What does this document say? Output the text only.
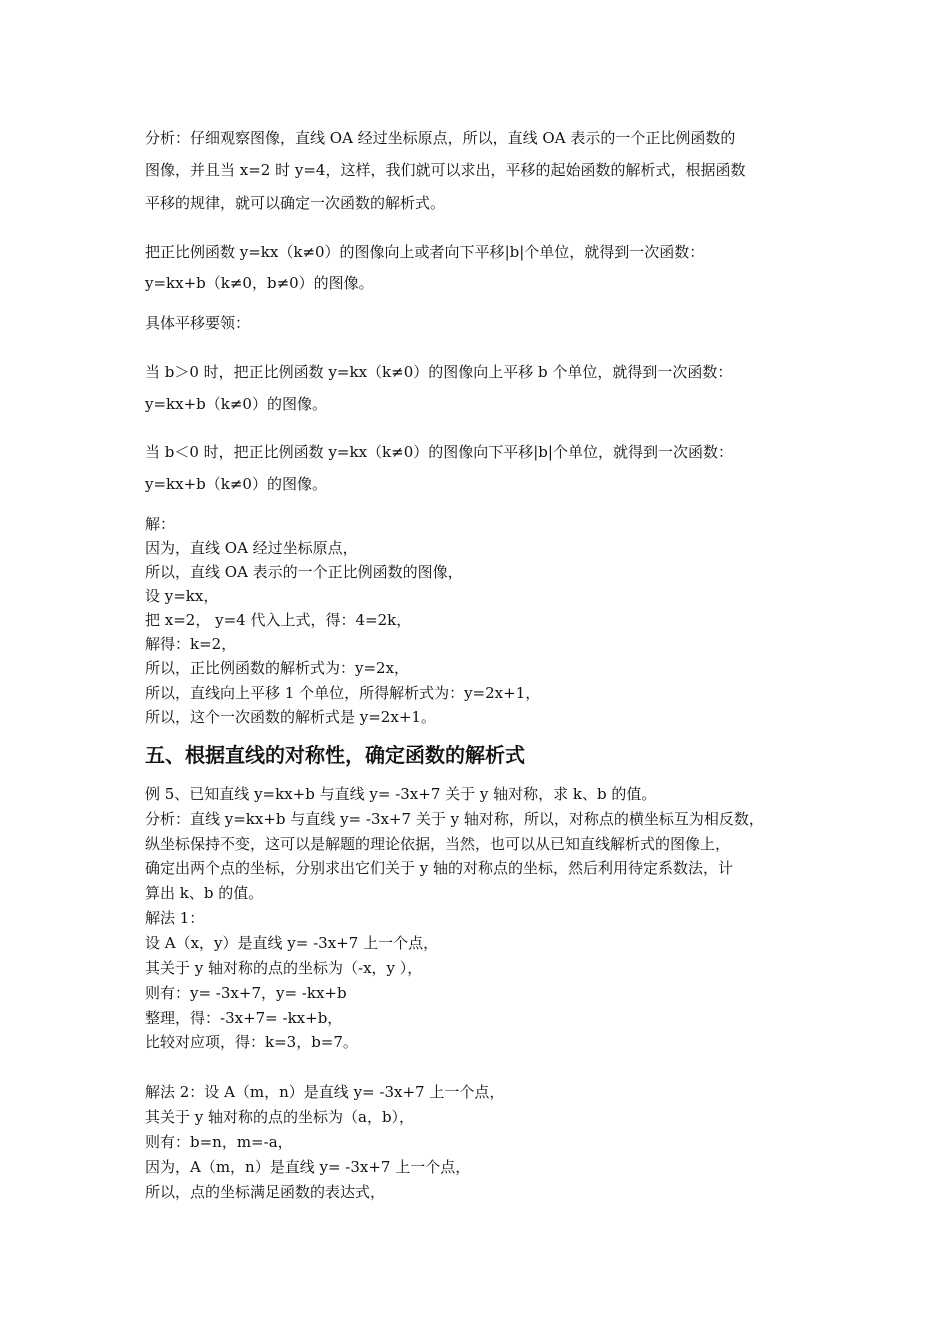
分析：仔细观察图像，直线 OA 经过坐标原点，所以，直线 OA 表示的一个正比例函数的
图像，并且当 x=2 时 y=4，这样，我们就可以求出，平移的起始函数的解析式，根据函数
平移的规律，就可以确定一次函数的解析式。
把正比例函数 y=kx（k≠0）的图像向上或者向下平移|b|个单位，就得到一次函数：
y=kx+b（k≠0，b≠0）的图像。
具体平移要领：
当 b＞0 时，把正比例函数 y=kx（k≠0）的图像向上平移 b 个单位，就得到一次函数：
y=kx+b（k≠0）的图像。
当 b＜0 时，把正比例函数 y=kx（k≠0）的图像向下平移|b|个单位，就得到一次函数：
y=kx+b（k≠0）的图像。
解：
因为，直线 OA 经过坐标原点，
所以，直线 OA 表示的一个正比例函数的图像，
设 y=kx，
把 x=2， y=4 代入上式，得：4=2k，
解得：k=2，
所以，正比例函数的解析式为：y=2x，
所以，直线向上平移 1 个单位，所得解析式为：y=2x+1，
所以，这个一次函数的解析式是 y=2x+1。
五、根据直线的对称性，确定函数的解析式
例 5、已知直线 y=kx+b 与直线 y= -3x+7 关于 y 轴对称，求 k、b 的值。
分析：直线 y=kx+b 与直线 y= -3x+7 关于 y 轴对称，所以，对称点的横坐标互为相反数，
纵坐标保持不变，这可以是解题的理论依据，当然，也可以从已知直线解析式的图像上，
确定出两个点的坐标，分别求出它们关于 y 轴的对称点的坐标，然后利用待定系数法，计
算出 k、b 的值。
解法 1：
设 A（x，y）是直线 y= -3x+7 上一个点，
其关于 y 轴对称的点的坐标为（-x，y ），
则有：y= -3x+7，y= -kx+b
整理，得：-3x+7= -kx+b，
比较对应项，得：k=3，b=7。
解法 2：设 A（m，n）是直线 y= -3x+7 上一个点，
其关于 y 轴对称的点的坐标为（a，b），
则有：b=n，m=-a，
因为，A（m，n）是直线 y= -3x+7 上一个点，
所以，点的坐标满足函数的表达式，
